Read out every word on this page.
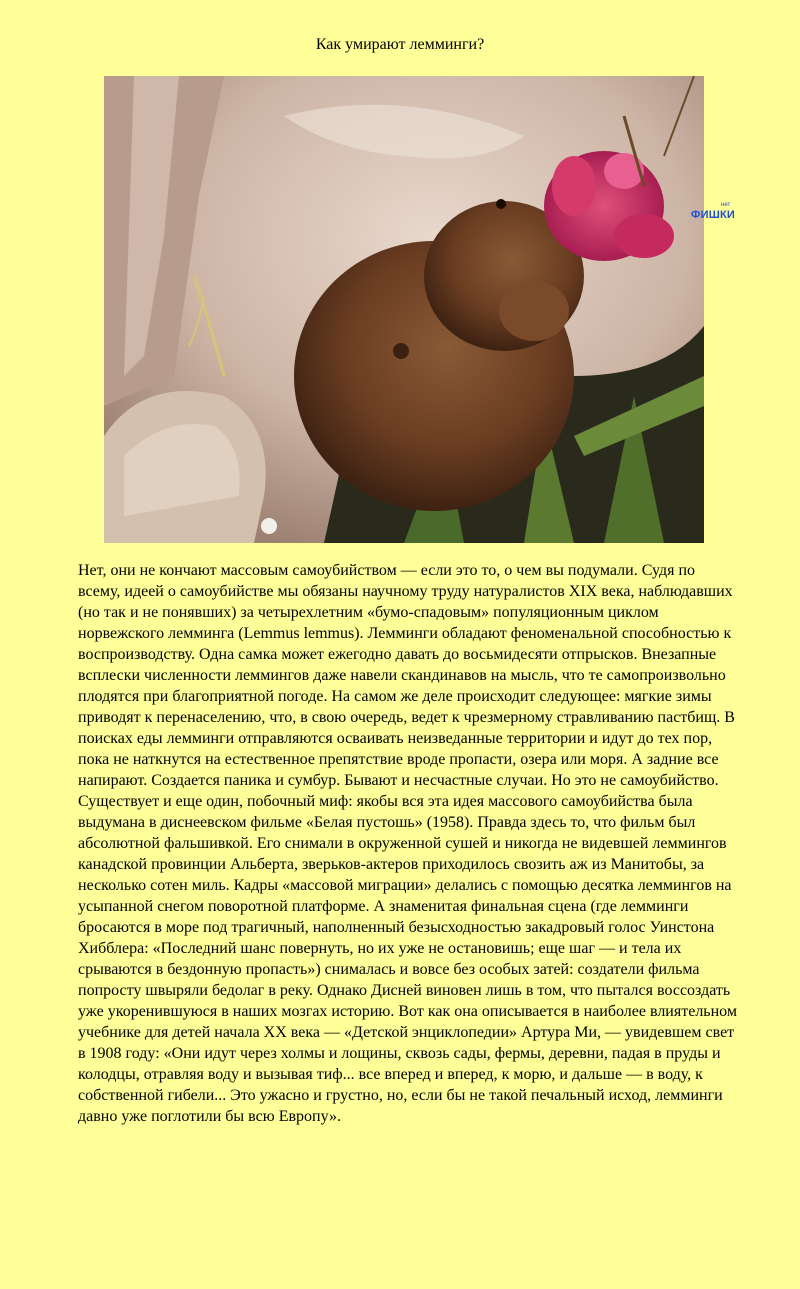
Как умирают лемминги?
нет
ФИШКИ

Нет, они не кончают массовым самоубийством — если это то, о чем вы подумали. Судя по всему, идеей о самоубийстве мы обязаны научному труду натуралистов XIX века, наблюдавших (но так и не понявших) за четырехлетним «бумо-спадовым» популяционным циклом норвежского лемминга (Lemmus lemmus). Лемминги обладают феноменальной способностью к воспроизводству. Одна самка может ежегодно давать до восьмидесяти отпрысков. Внезапные всплески численности леммингов даже навели скандинавов на мысль, что те самопроизвольно плодятся при благоприятной погоде. На самом же деле происходит следующее: мягкие зимы приводят к перенаселению, что, в свою очередь, ведет к чрезмерному стравливанию пастбищ. В поисках еды лемминги отправляются осваивать неизведанные территории и идут до тех пор, пока не наткнутся на естественное препятствие вроде пропасти, озера или моря. А задние все напирают. Создается паника и сумбур. Бывают и несчастные случаи. Но это не самоубийство.

Существует и еще один, побочный миф: якобы вся эта идея массового самоубийства была выдумана в диснеевском фильме «Белая пустошь» (1958). Правда здесь то, что фильм был абсолютной фальшивкой. Его снимали в окруженной сушей и никогда не видевшей леммингов канадской провинции Альберта, зверьков-актеров приходилось свозить аж из Манитобы, за несколько сотен миль. Кадры «массовой миграции» делались с помощью десятка леммингов на усыпанной снегом поворотной платформе. А знаменитая финальная сцена (где лемминги бросаются в море под трагичный, наполненный безысходностью закадровый голос Уинстона Хибблера: «Последний шанс повернуть, но их уже не остановишь; еще шаг — и тела их срываются в бездонную пропасть») снималась и вовсе без особых затей: создатели фильма попросту швыряли бедолаг в реку. Однако Дисней виновен лишь в том, что пытался воссоздать уже укоренившуюся в наших мозгах историю. Вот как она описывается в наиболее влиятельном учебнике для детей начала XX века — «Детской энциклопедии» Артура Ми, — увидевшем свет в 1908 году: «Они идут через холмы и лощины, сквозь сады, фермы, деревни, падая в пруды и колодцы, отравляя воду и вызывая тиф... все вперед и вперед, к морю, и дальше — в воду, к собственной гибели... Это ужасно и грустно, но, если бы не такой печальный исход, лемминги давно уже поглотили бы всю Европу».
